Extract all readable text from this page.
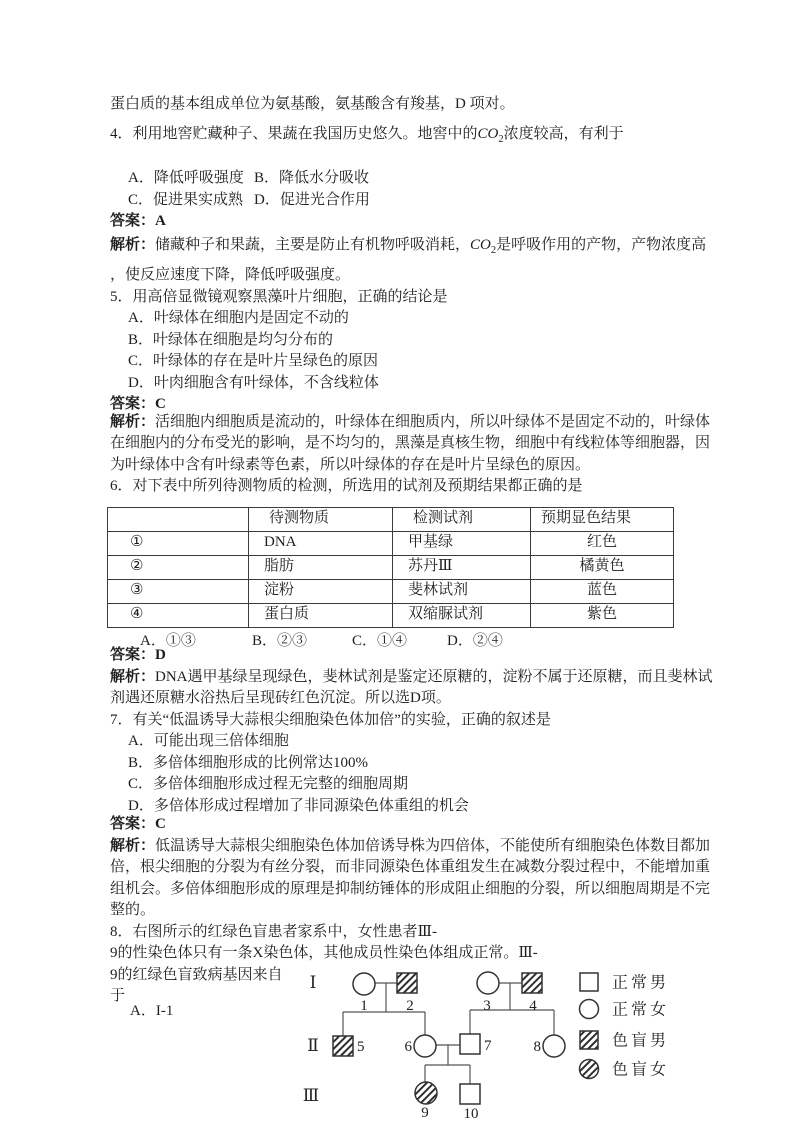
蛋白质的基本组成单位为氨基酸，氨基酸含有羧基，D 项对。
4．利用地窖贮藏种子、果蔬在我国历史悠久。地窖中的$CO_2$浓度较高，有利于
A．降低呼吸强度 B．降低水分吸收
C．促进果实成熟 D．促进光合作用
答案：A
解析：储藏种子和果蔬，主要是防止有机物呼吸消耗，$CO_2$是呼吸作用的产物，产物浓度高
，使反应速度下降，降低呼吸强度。
5．用高倍显微镜观察黑藻叶片细胞，正确的结论是
A．叶绿体在细胞内是固定不动的
B．叶绿体在细胞是均匀分布的
C．叶绿体的存在是叶片呈绿色的原因
D．叶肉细胞含有叶绿体，不含线粒体
答案：C
解析：活细胞内细胞质是流动的，叶绿体在细胞质内，所以叶绿体不是固定不动的，叶绿体
在细胞内的分布受光的影响，是不均匀的，黑藻是真核生物，细胞中有线粒体等细胞器，因
为叶绿体中含有叶绿素等色素，所以叶绿体的存在是叶片呈绿色的原因。
6．对下表中所列待测物质的检测，所选用的试剂及预期结果都正确的是
	待测物质	检测试剂	预期显色结果
①	DNA	甲基绿	红色
②	脂肪	苏丹Ⅲ	橘黄色
③	淀粉	斐林试剂	蓝色
④	蛋白质	双缩脲试剂	紫色
A．①③	B．②③	C．①④	D．②④
答案：D
解析：DNA遇甲基绿呈现绿色，斐林试剂是鉴定还原糖的，淀粉不属于还原糖，而且斐林试
剂遇还原糖水浴热后呈现砖红色沉淀。所以选D项。
7．有关“低温诱导大蒜根尖细胞染色体加倍”的实验，正确的叙述是
A．可能出现三倍体细胞
B．多倍体细胞形成的比例常达100%
C．多倍体细胞形成过程无完整的细胞周期
D．多倍体形成过程增加了非同源染色体重组的机会
答案：C
解析：低温诱导大蒜根尖细胞染色体加倍诱导株为四倍体，不能使所有细胞染色体数目都加
倍，根尖细胞的分裂为有丝分裂，而非同源染色体重组发生在减数分裂过程中，不能增加重
组机会。多倍体细胞形成的原理是抑制纺锤体的形成阻止细胞的分裂，所以细胞周期是不完
整的。
8．右图所示的红绿色盲患者家系中，女性患者Ⅲ-
9的性染色体只有一条X染色体，其他成员性染色体组成正常。Ⅲ-
9的红绿色盲致病基因来自
于
A．I-1	1	2	3	4
5	6	7	8
9 10
Ⅰ
Ⅱ
Ⅲ
正常男
正常女
色盲男
色盲女
